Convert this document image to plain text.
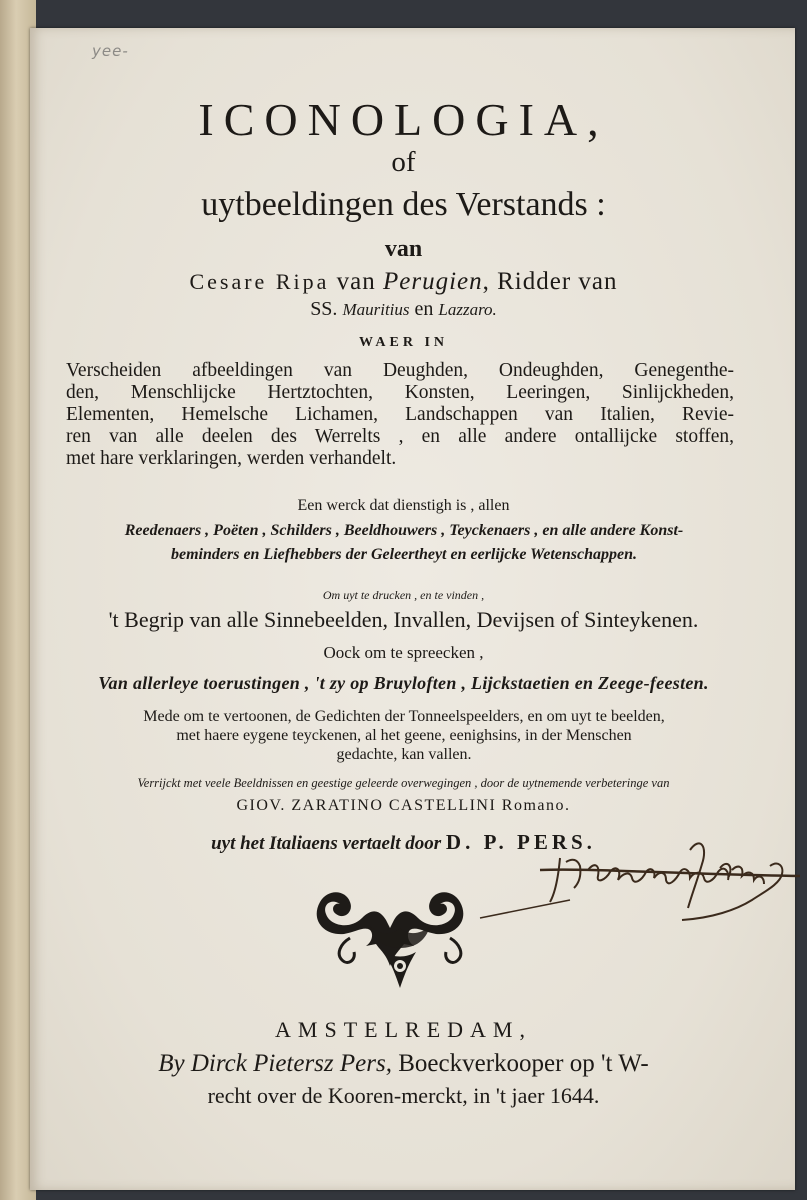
yee-
ICONOLOGIA,
of
uytbeeldingen des Verstands :
van
Cesare Ripa van Perugien, Ridder van
SS. Mauritius en Lazzaro.
WAER IN
Verscheiden afbeeldingen van Deughden, Ondeughden, Genegenthe-
den, Menschlijcke Hertztochten, Konsten, Leeringen, Sinlijckheden,
Elementen, Hemelsche Lichamen, Landschappen van Italien, Revie-
ren van alle deelen des Werrelts , en alle andere ontallijcke stoffen,
met hare verklaringen, werden verhandelt.
Een werck dat dienstigh is , allen
Reedenaers , Poëten , Schilders , Beeldhouwers , Teyckenaers , en alle andere Konst-
beminders en Liefhebbers der Geleertheyt en eerlijcke Wetenschappen.
Om uyt te drucken , en te vinden ,
't Begrip van alle Sinnebeelden, Invallen, Devijsen of Sinteykenen.
Oock om te spreecken ,
Van allerleye toerustingen , 't zy op Bruyloften , Lijckstaetien en Zeege-feesten.
Mede om te vertoonen, de Gedichten der Tonneelspeelders, en om uyt te beelden,
met haere eygene teyckenen, al het geene, eenighsins, in der Menschen
gedachte, kan vallen.
Verrijckt met veele Beeldnissen en geestige geleerde overwegingen , door de uytnemende verbeteringe van
GIOV. ZARATINO CASTELLINI Romano.
uyt het Italiaens vertaelt door D. P. PERS.
AMSTELREDAM,
By Dirck Pietersz Pers, Boeckverkooper op 't W-
recht over de Kooren-merckt, in 't jaer 1644.
